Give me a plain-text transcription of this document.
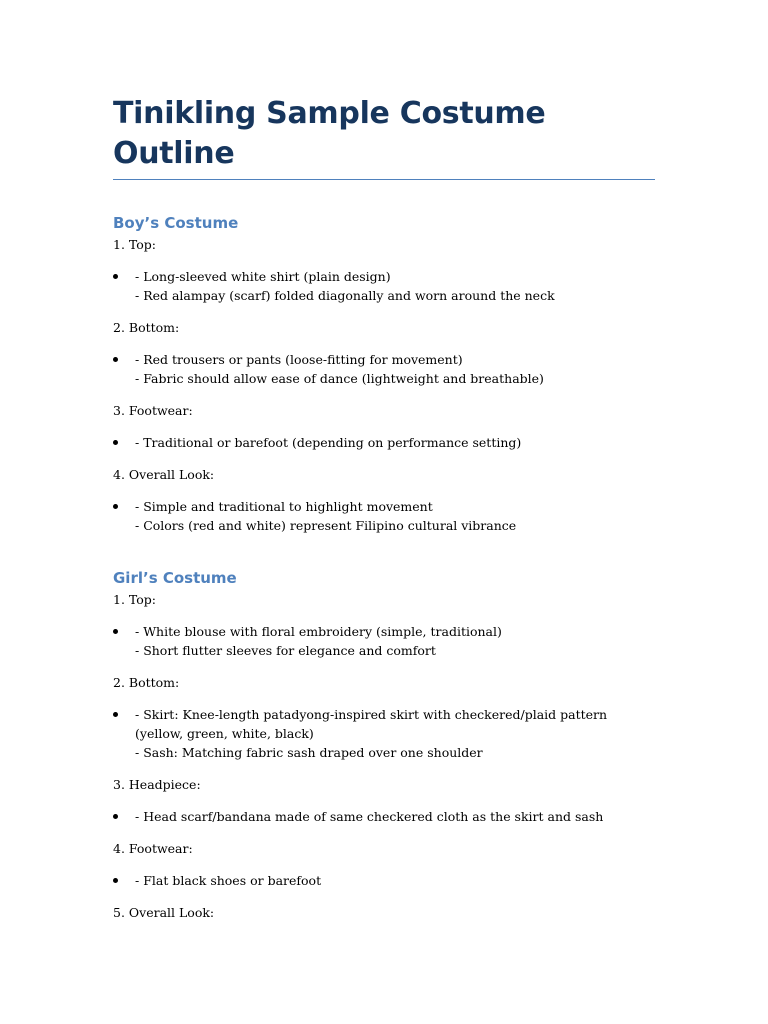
Tinikling Sample Costume Outline
Boy’s Costume
1. Top:
- Long-sleeved white shirt (plain design)
- Red alampay (scarf) folded diagonally and worn around the neck
2. Bottom:
- Red trousers or pants (loose-fitting for movement)
- Fabric should allow ease of dance (lightweight and breathable)
3. Footwear:
- Traditional or barefoot (depending on performance setting)
4. Overall Look:
- Simple and traditional to highlight movement
- Colors (red and white) represent Filipino cultural vibrance
Girl’s Costume
1. Top:
- White blouse with floral embroidery (simple, traditional)
- Short flutter sleeves for elegance and comfort
2. Bottom:
- Skirt: Knee-length patadyong-inspired skirt with checkered/plaid pattern (yellow, green, white, black)
- Sash: Matching fabric sash draped over one shoulder
3. Headpiece:
- Head scarf/bandana made of same checkered cloth as the skirt and sash
4. Footwear:
- Flat black shoes or barefoot
5. Overall Look:
